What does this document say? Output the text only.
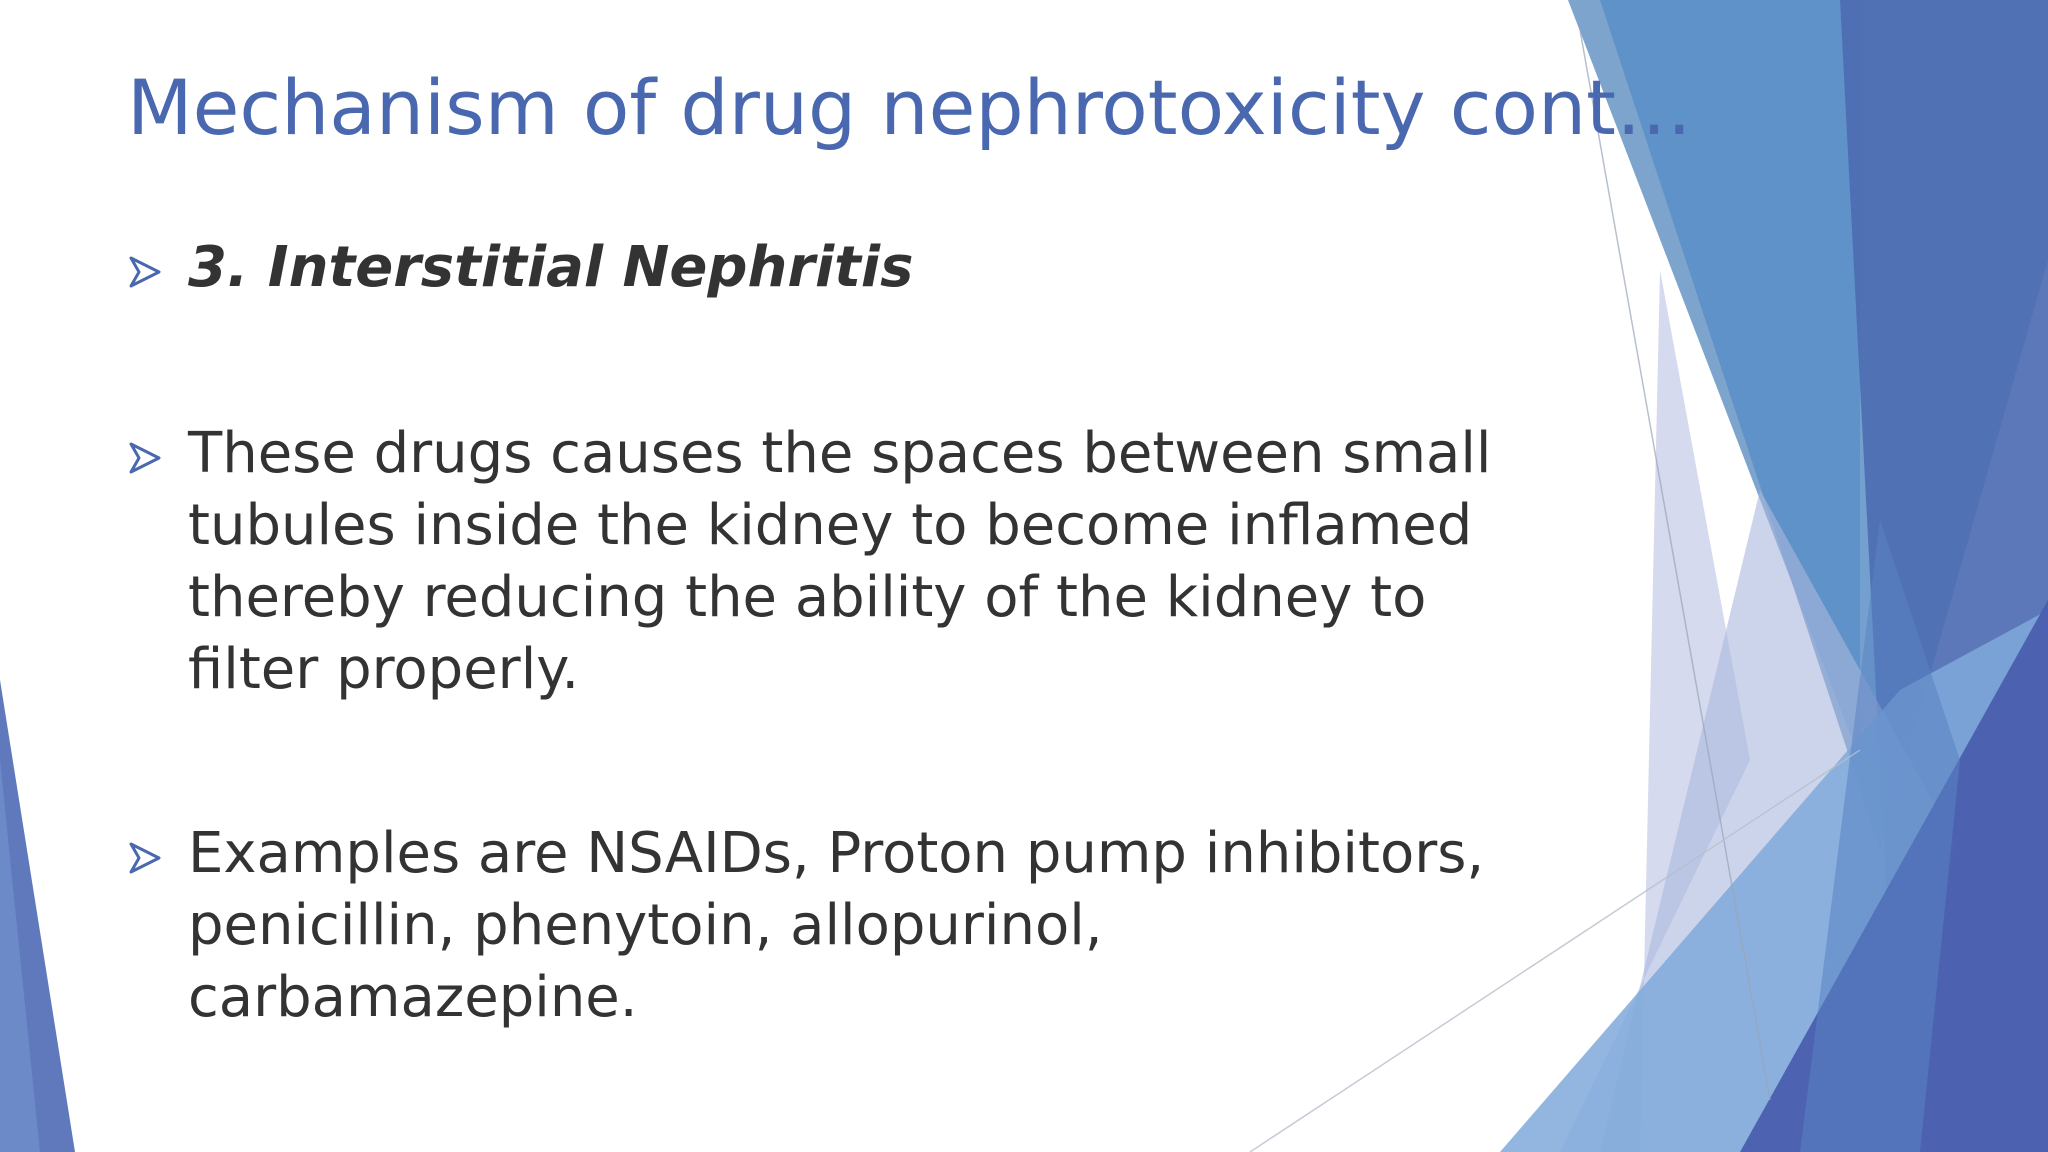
Mechanism of drug nephrotoxicity cont…
3. Interstitial Nephritis
These drugs causes the spaces between small tubules inside the kidney to become inflamed thereby reducing the ability of the kidney to filter properly.
Examples are NSAIDs, Proton pump inhibitors, penicillin, phenytoin, allopurinol, carbamazepine.
